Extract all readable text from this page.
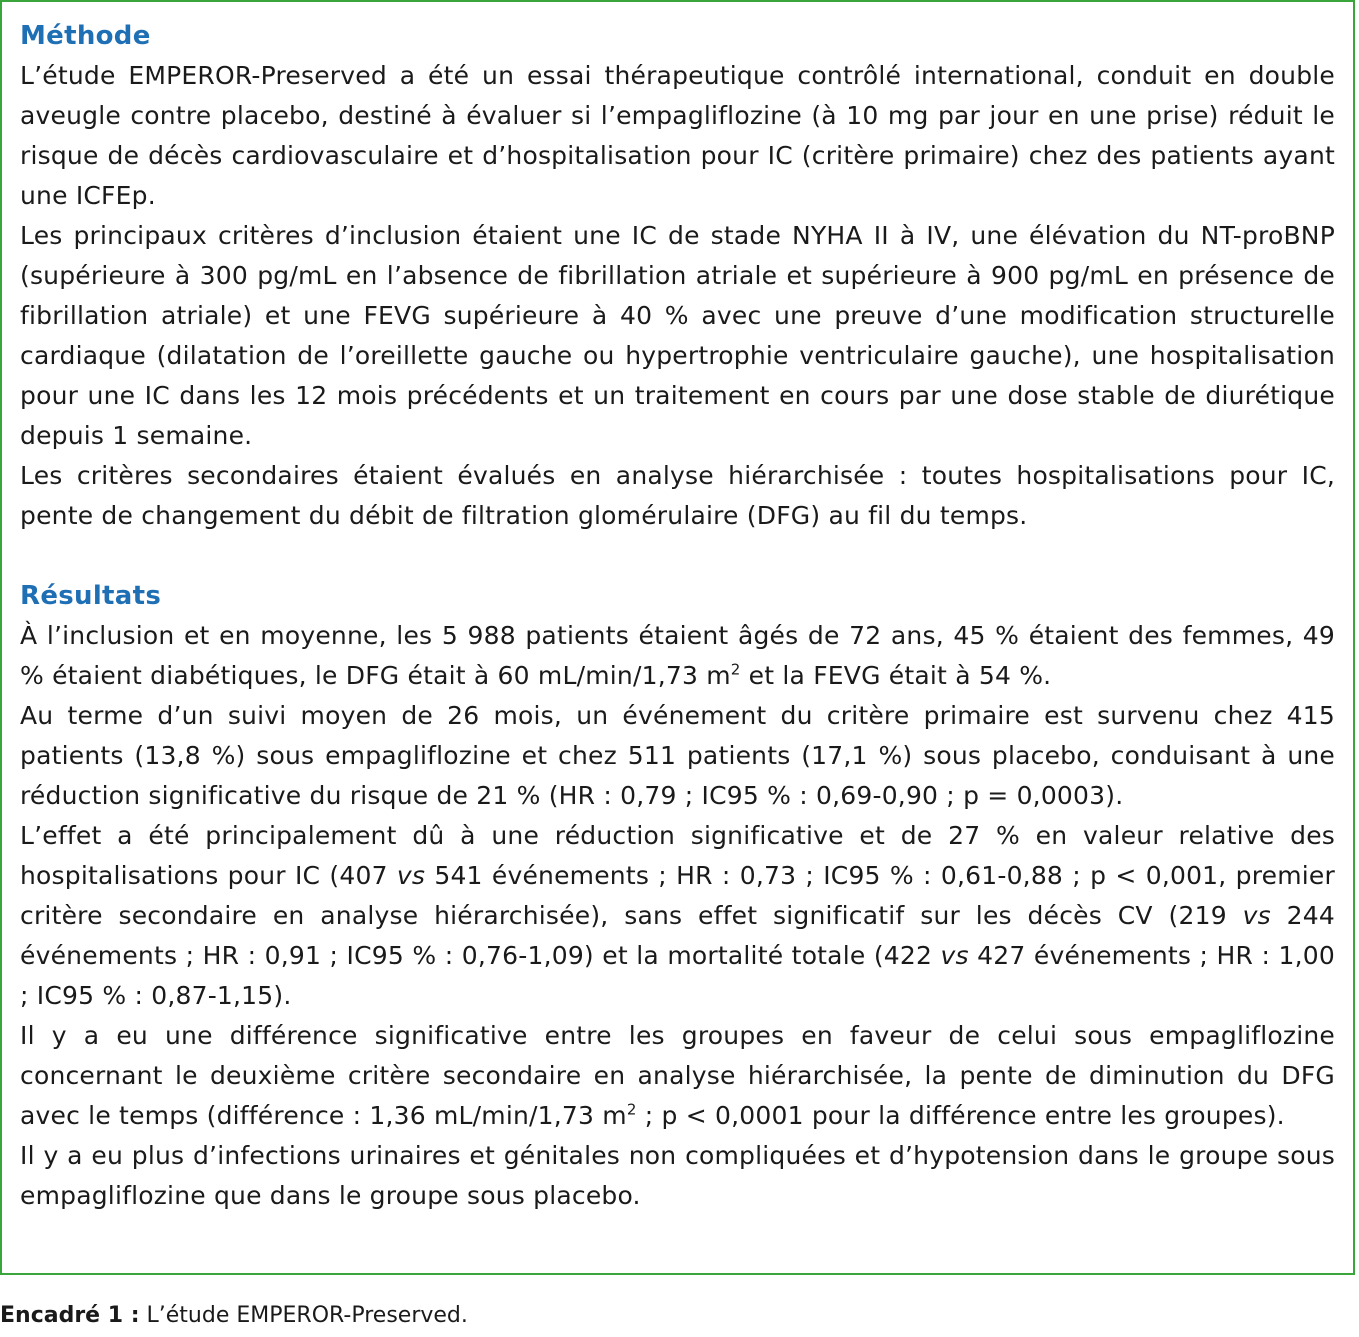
Méthode

L’étude EMPEROR-Preserved a été un essai thérapeutique contrôlé international, conduit en double aveugle contre placebo, destiné à évaluer si l’empagliflozine (à 10 mg par jour en une prise) réduit le risque de décès cardiovasculaire et d’hospitalisation pour IC (critère primaire) chez des patients ayant une ICFEp.

Les principaux critères d’inclusion étaient une IC de stade NYHA II à IV, une élévation du NT-proBNP (supérieure à 300 pg/mL en l’absence de fibrillation atriale et supérieure à 900 pg/mL en présence de fibrillation atriale) et une FEVG supérieure à 40 % avec une preuve d’une modification structurelle cardiaque (dilatation de l’oreillette gauche ou hypertrophie ventriculaire gauche), une hospitalisation pour une IC dans les 12 mois précédents et un traitement en cours par une dose stable de diurétique depuis 1 semaine.

Les critères secondaires étaient évalués en analyse hiérarchisée : toutes hospitalisations pour IC, pente de changement du débit de filtration glomérulaire (DFG) au fil du temps.

Résultats

À l’inclusion et en moyenne, les 5 988 patients étaient âgés de 72 ans, 45 % étaient des femmes, 49 % étaient diabétiques, le DFG était à 60 mL/min/1,73 $m^2$ et la FEVG était à 54 %.

Au terme d’un suivi moyen de 26 mois, un événement du critère primaire est survenu chez 415 patients (13,8 %) sous empagliflozine et chez 511 patients (17,1 %) sous placebo, conduisant à une réduction significative du risque de 21 % (HR : 0,79 ; IC95 % : 0,69-0,90 ; p = 0,0003).

L’effet a été principalement dû à une réduction significative et de 27 % en valeur relative des hospitalisations pour IC (407 vs 541 événements ; HR : 0,73 ; IC95 % : 0,61-0,88 ; p < 0,001, premier critère secondaire en analyse hiérarchisée), sans effet significatif sur les décès CV (219 vs 244 événements ; HR : 0,91 ; IC95 % : 0,76-1,09) et la mortalité totale (422 vs 427 événements ; HR : 1,00 ; IC95 % : 0,87-1,15).

Il y a eu une différence significative entre les groupes en faveur de celui sous empagliflozine concernant le deuxième critère secondaire en analyse hiérarchisée, la pente de diminution du DFG avec le temps (différence : 1,36 mL/min/1,73 $m^2$ ; p < 0,0001 pour la différence entre les groupes).

Il y a eu plus d’infections urinaires et génitales non compliquées et d’hypotension dans le groupe sous empagliflozine que dans le groupe sous placebo.

Encadré 1 : L’étude EMPEROR-Preserved.
